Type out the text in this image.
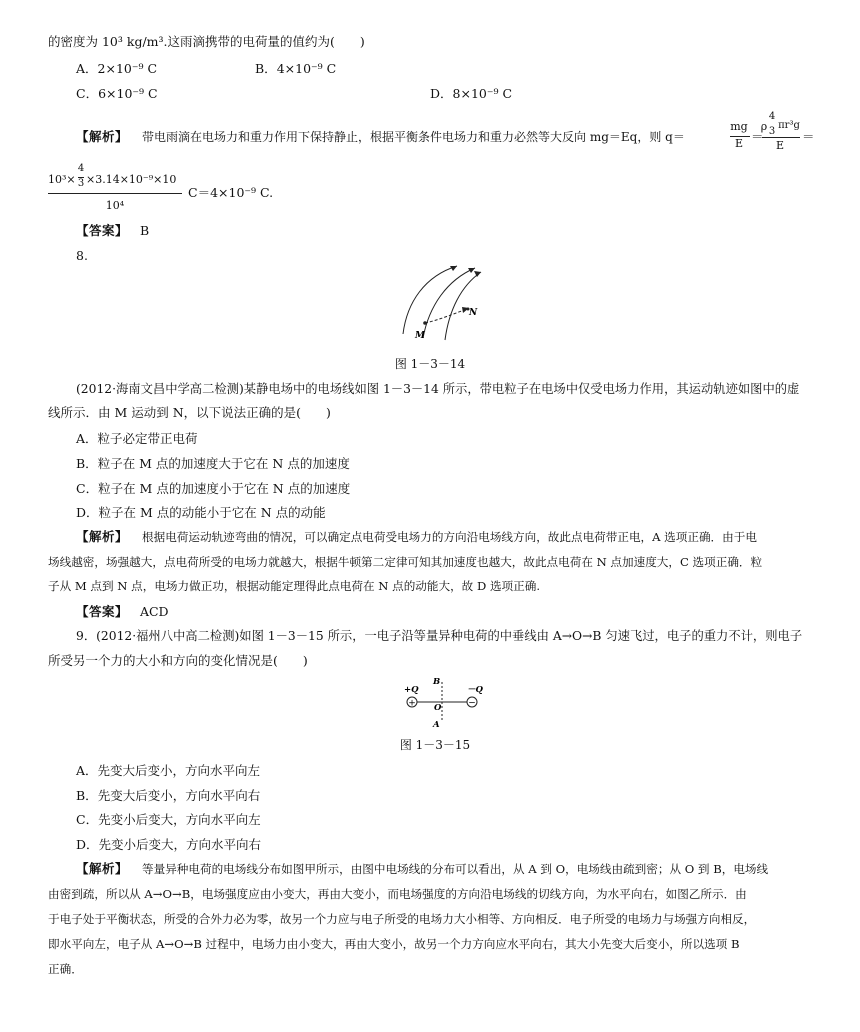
的密度为 10³ kg/m³.这雨滴携带的电荷量的值约为(　　)
A．2×10⁻⁹ C	B．4×10⁻⁹ C
C．6×10⁻⁹ C	D．8×10⁻⁹ C
【解析】 带电雨滴在电场力和重力作用下保持静止，根据平衡条件电场力和重力必然等大反向 mg＝Eq，则 q＝
mg
E ＝
4
ρ 3
πr³g
E
＝
10³×
4
3 ×3.14×10⁻⁹×10
10⁴
C＝4×10⁻⁹ C.
【答案】 B
8.
M
N
图 1－3－14
(2012·海南文昌中学高二检测)某静电场中的电场线如图 1－3－14 所示，带电粒子在电场中仅受电场力作用，其运动轨迹如图中的虚
线所示．由 M 运动到 N，以下说法正确的是(　　)
A．粒子必定带正电荷
B．粒子在 M 点的加速度大于它在 N 点的加速度
C．粒子在 M 点的加速度小于它在 N 点的加速度
D．粒子在 M 点的动能小于它在 N 点的动能
【解析】 根据电荷运动轨迹弯曲的情况，可以确定点电荷受电场力的方向沿电场线方向，故此点电荷带正电，A 选项正确．由于电
场线越密，场强越大，点电荷所受的电场力就越大，根据牛顿第二定律可知其加速度也越大，故此点电荷在 N 点加速度大，C 选项正确．粒
子从 M 点到 N 点，电场力做正功，根据动能定理得此点电荷在 N 点的动能大，故 D 选项正确.
【答案】 ACD
9．(2012·福州八中高二检测)如图 1－3－15 所示，一电子沿等量异种电荷的中垂线由 A→O→B 匀速飞过，电子的重力不计，则电子
所受另一个力的大小和方向的变化情况是(　　)
+	−
+Q	－Q
B
O
A
图 1－3－15
A．先变大后变小，方向水平向左
B．先变大后变小，方向水平向右
C．先变小后变大，方向水平向左
D．先变小后变大，方向水平向右
【解析】 等量异种电荷的电场线分布如图甲所示，由图中电场线的分布可以看出，从 A 到 O，电场线由疏到密；从 O 到 B，电场线
由密到疏，所以从 A→O→B，电场强度应由小变大，再由大变小，而电场强度的方向沿电场线的切线方向，为水平向右，如图乙所示．由
于电子处于平衡状态，所受的合外力必为零，故另一个力应与电子所受的电场力大小相等、方向相反．电子所受的电场力与场强方向相反，
即水平向左，电子从 A→O→B 过程中，电场力由小变大，再由大变小，故另一个力方向应水平向右，其大小先变大后变小，所以选项 B
正确．
